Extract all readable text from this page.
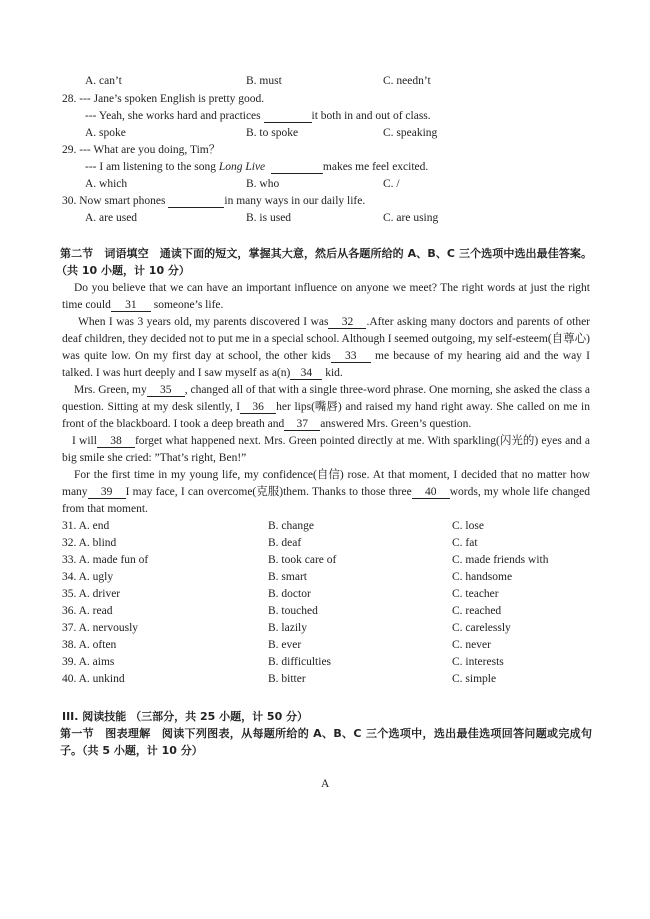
A. can’t	B. must	C. needn’t
28. --- Jane’s spoken English is pretty good.
--- Yeah, she works hard and practices	it both in and out of class.
A. spoke	B. to spoke	C. speaking
29. --- What are you doing, Tim？
--- I am listening to the song Long Live	makes me feel excited.
A. which	B. who	C. /
30. Now smart phones	in many ways in our daily life.
A. are used	B. is used	C. are using
第二节　词语填空　通读下面的短文，掌握其大意，然后从各题所给的 A、B、C 三个选项中选出最佳答案。
（共 10 小题，计 10 分）
Do you believe that we can have an important influence on anyone we meet? The right words at just the right
time could 31 someone’s life.
When I was 3 years old, my parents discovered I was 32 .After asking many doctors and parents of other
deaf children, they decided not to put me in a special school. Although I seemed outgoing, my self-esteem(自尊心)
was quite low. On my first day at school, the other kids 33 me because of my hearing aid and the way I
talked. I was hurt deeply and I saw myself as a(n) 34 kid.
Mrs. Green, my 35 , changed all of that with a single three-word phrase. One morning, she asked the class a
question. Sitting at my desk silently, I 36 her lips(嘴唇) and raised my hand right away. She called on me in
front of the blackboard. I took a deep breath and 37 answered Mrs. Green’s question.
I will 38 forget what happened next. Mrs. Green pointed directly at me. With sparkling(闪光的) eyes and a
big smile she cried: ”That’s right, Ben!”
For the first time in my young life, my confidence(自信) rose. At that moment, I decided that no matter how
many 39 I may face, I can overcome(克服)them. Thanks to those three 40 words, my whole life changed
from that moment.
31. A. end	B. change	C. lose
32. A. blind	B. deaf	C. fat
33. A. made fun of	B. took care of	C. made friends with
34. A. ugly	B. smart	C. handsome
35. A. driver	B. doctor	C. teacher
36. A. read	B. touched	C. reached
37. A. nervously	B. lazily	C. carelessly
38. A. often	B. ever	C. never
39. A. aims	B. difficulties	C. interests
40. A. unkind	B. bitter	C. simple
III. 阅读技能 （三部分，共 25 小题，计 50 分）
第一节　图表理解　阅读下列图表，从每题所给的 A、B、C 三个选项中，选出最佳选项回答问题或完成句
子。（共 5 小题，计 10 分）
A
